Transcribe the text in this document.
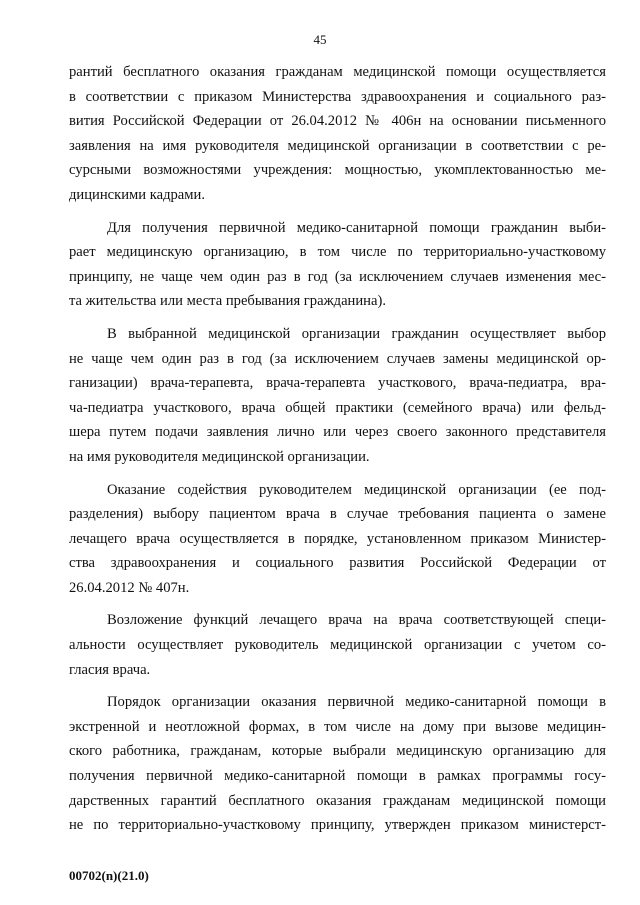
45
рантий бесплатного оказания гражданам медицинской помощи осуществляется
в соответствии с приказом Министерства здравоохранения и социального раз-
вития Российской Федерации от 26.04.2012 № 406н на основании письменного
заявления на имя руководителя медицинской организации в соответствии с ре-
сурсными возможностями учреждения: мощностью, укомплектованностью ме-
дицинскими кадрами.
Для получения первичной медико-санитарной помощи гражданин выби-
рает медицинскую организацию, в том числе по территориально-участковому
принципу, не чаще чем один раз в год (за исключением случаев изменения мес-
та жительства или места пребывания гражданина).
В выбранной медицинской организации гражданин осуществляет выбор
не чаще чем один раз в год (за исключением случаев замены медицинской ор-
ганизации) врача-терапевта, врача-терапевта участкового, врача-педиатра, вра-
ча-педиатра участкового, врача общей практики (семейного врача) или фельд-
шера путем подачи заявления лично или через своего законного представителя
на имя руководителя медицинской организации.
Оказание содействия руководителем медицинской организации (ее под-
разделения) выбору пациентом врача в случае требования пациента о замене
лечащего врача осуществляется в порядке, установленном приказом Министер-
ства здравоохранения и социального развития Российской Федерации от
26.04.2012 № 407н.
Возложение функций лечащего врача на врача соответствующей специ-
альности осуществляет руководитель медицинской организации с учетом со-
гласия врача.
Порядок организации оказания первичной медико-санитарной помощи в
экстренной и неотложной формах, в том числе на дому при вызове медицин-
ского работника, гражданам, которые выбрали медицинскую организацию для
получения первичной медико-санитарной помощи в рамках программы госу-
дарственных гарантий бесплатного оказания гражданам медицинской помощи
не по территориально-участковому принципу, утвержден приказом министерст-
00702(n)(21.0)
